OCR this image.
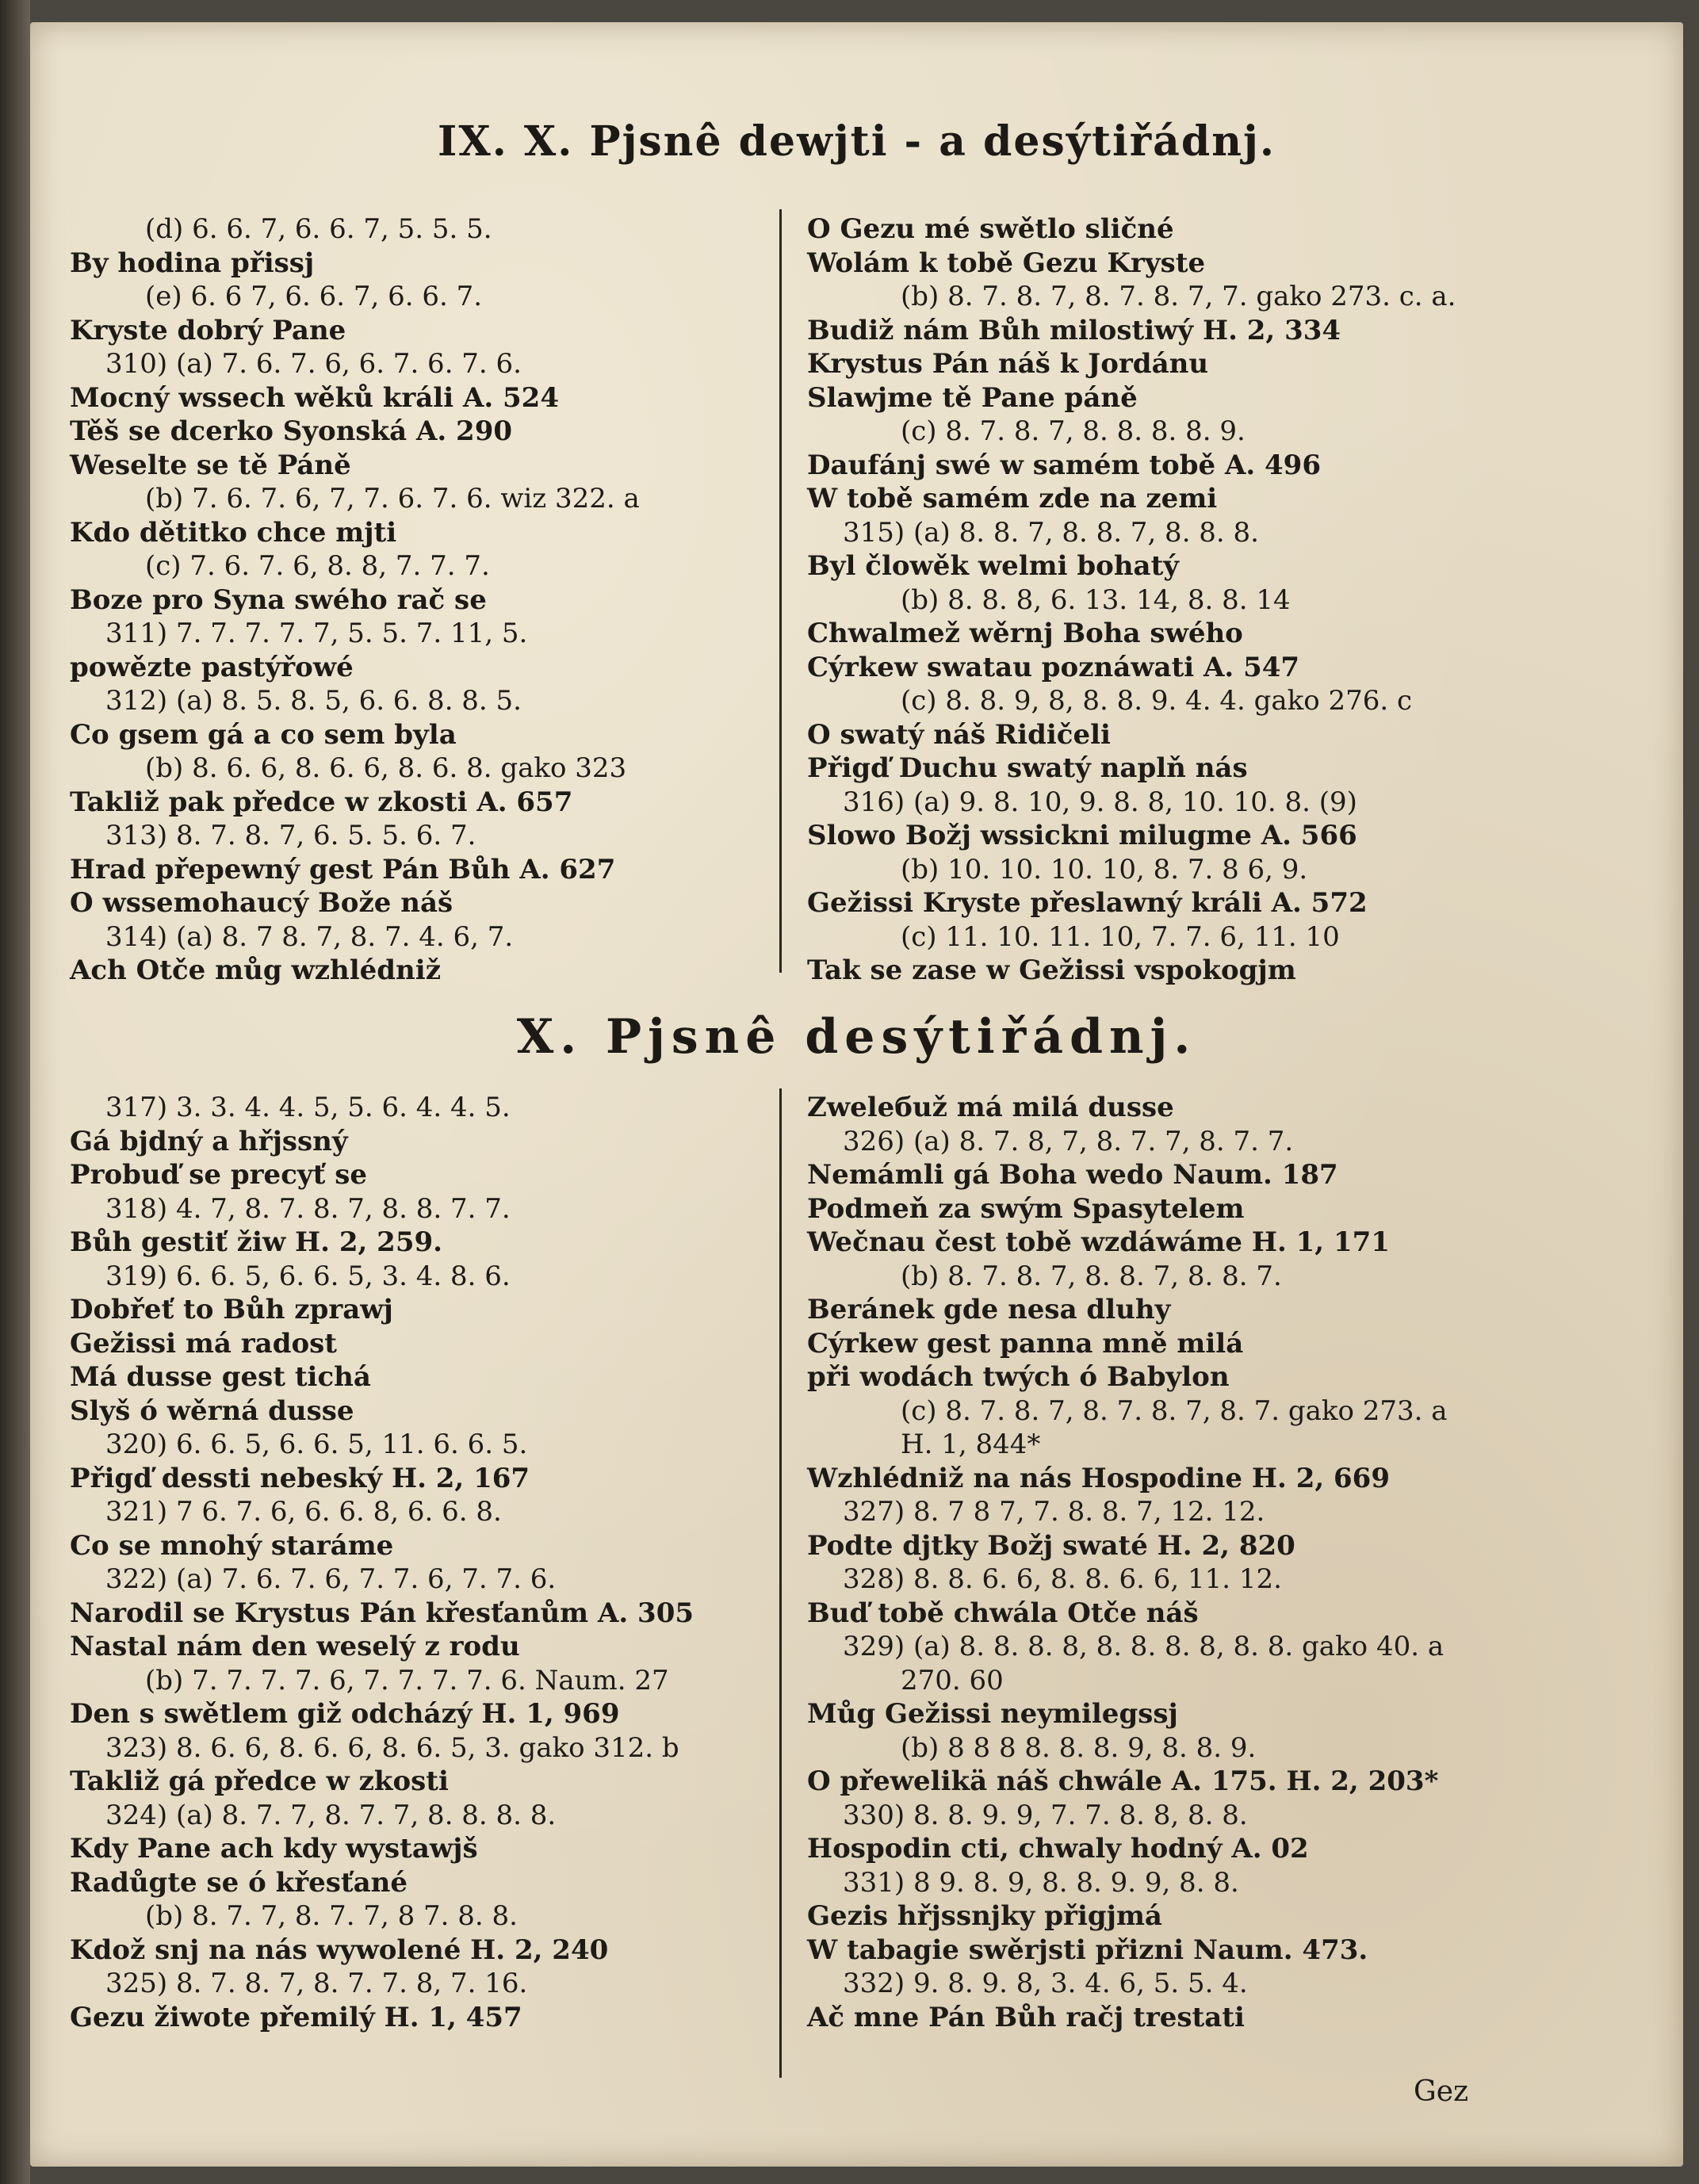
IX. X. Pjsnê dewjti - a desýtiřádnj.
(d) 6. 6. 7, 6. 6. 7, 5. 5. 5.
By hodina přissj
(e) 6. 6 7, 6. 6. 7, 6. 6. 7.
Kryste dobrý Pane
310) (a) 7. 6. 7. 6, 6. 7. 6. 7. 6.
Mocný wssech wěků králi A. 524
Těš se dcerko Syonská A. 290
Weselte se tě Páně
(b) 7. 6. 7. 6, 7, 7. 6. 7. 6. wiz 322. a
Kdo dětitko chce mjti
(c) 7. 6. 7. 6, 8. 8, 7. 7. 7.
Boze pro Syna swého rač se
311) 7. 7. 7. 7. 7, 5. 5. 7. 11, 5.
powězte pastýřowé
312) (a) 8. 5. 8. 5, 6. 6. 8. 8. 5.
Co gsem gá a co sem byla
(b) 8. 6. 6, 8. 6. 6, 8. 6. 8. gako 323
Takliž pak předce w zkosti A. 657
313) 8. 7. 8. 7, 6. 5. 5. 6. 7.
Hrad přepewný gest Pán Bůh A. 627
O wssemohaucý Bože náš
314) (a) 8. 7 8. 7, 8. 7. 4. 6, 7.
Ach Otče můg wzhlédniž
O Gezu mé swětlo sličné
Wolám k tobě Gezu Kryste
(b) 8. 7. 8. 7, 8. 7. 8. 7, 7. gako 273. c. a.
Budiž nám Bůh milostiwý H. 2, 334
Krystus Pán náš k Jordánu
Slawjme tě Pane páně
(c) 8. 7. 8. 7, 8. 8. 8. 8. 9.
Daufánj swé w samém tobě A. 496
W tobě samém zde na zemi
315) (a) 8. 8. 7, 8. 8. 7, 8. 8. 8.
Byl člowěk welmi bohatý
(b) 8. 8. 8, 6. 13. 14, 8. 8. 14
Chwalmež wěrnj Boha swého
Cýrkew swatau poznáwati A. 547
(c) 8. 8. 9, 8, 8. 8. 9. 4. 4. gako 276. c
O swatý náš Ridičeli
Přigď Duchu swatý naplň nás
316) (a) 9. 8. 10, 9. 8. 8, 10. 10. 8. (9)
Slowo Božj wssickni milugme A. 566
(b) 10. 10. 10. 10, 8. 7. 8 6, 9.
Gežissi Kryste přeslawný králi A. 572
(c) 11. 10. 11. 10, 7. 7. 6, 11. 10
Tak se zase w Gežissi vspokogjm
X. Pjsnê desýtiřádnj.
317) 3. 3. 4. 4. 5, 5. 6. 4. 4. 5.
Gá bjdný a hřjssný
Probuď se precyť se
318) 4. 7, 8. 7. 8. 7, 8. 8. 7. 7.
Bůh gestiť žiw H. 2, 259.
319) 6. 6. 5, 6. 6. 5, 3. 4. 8. 6.
Dobřeť to Bůh zprawj
Gežissi má radost
Má dusse gest tichá
Slyš ó wěrná dusse
320) 6. 6. 5, 6. 6. 5, 11. 6. 6. 5.
Přigď dessti nebeský H. 2, 167
321) 7 6. 7. 6, 6. 6. 8, 6. 6. 8.
Co se mnohý starámе
322) (a) 7. 6. 7. 6, 7. 7. 6, 7. 7. 6.
Narodil se Krystus Pán křesťanům A. 305
Nastal nám den weselý z rodu
(b) 7. 7. 7. 7. 6, 7. 7. 7. 7. 6. Naum. 27
Den s swětlem giž odcházý H. 1, 969
323) 8. 6. 6, 8. 6. 6, 8. 6. 5, 3. gako 312. b
Takliž gá předce w zkosti
324) (a) 8. 7. 7, 8. 7. 7, 8. 8. 8. 8.
Kdy Pane ach kdy wystawjš
Radůgte se ó křesťané
(b) 8. 7. 7, 8. 7. 7, 8 7. 8. 8.
Kdož snj na nás wywolené H. 2, 240
325) 8. 7. 8. 7, 8. 7. 7. 8, 7. 16.
Gezu žiwote přemilý H. 1, 457
Zweleбuž má milá dusse
326) (a) 8. 7. 8, 7, 8. 7. 7, 8. 7. 7.
Nemámli gá Boha wedo Naum. 187
Podmeň za swým Spasytelem
Wečnau čest tobě wzdáwáme H. 1, 171
(b) 8. 7. 8. 7, 8. 8. 7, 8. 8. 7.
Beránek gde nesa dluhy
Cýrkew gest panna mně milá
při wodách twých ó Babylon
(c) 8. 7. 8. 7, 8. 7. 8. 7, 8. 7. gako 273. a
H. 1, 844*
Wzhlédniž na nás Hospodine H. 2, 669
327) 8. 7 8 7, 7. 8. 8. 7, 12. 12.
Podte djtky Božj swaté H. 2, 820
328) 8. 8. 6. 6, 8. 8. 6. 6, 11. 12.
Buď tobě chwála Otče náš
329) (a) 8. 8. 8. 8, 8. 8. 8. 8, 8. 8. gako 40. a
270. 60
Můg Gežissi neymilegssj
(b) 8 8 8 8. 8. 8. 9, 8. 8. 9.
O přewelikä náš chwále A. 175. H. 2, 203*
330) 8. 8. 9. 9, 7. 7. 8. 8, 8. 8.
Hospodin cti, chwaly hodný A. 02
331) 8 9. 8. 9, 8. 8. 9. 9, 8. 8.
Gezis hřjssnjky přigjmá
W tabagie swěrjsti přizni Naum. 473.
332) 9. 8. 9. 8, 3. 4. 6, 5. 5. 4.
Ač mne Pán Bůh račj trestati
Gez
